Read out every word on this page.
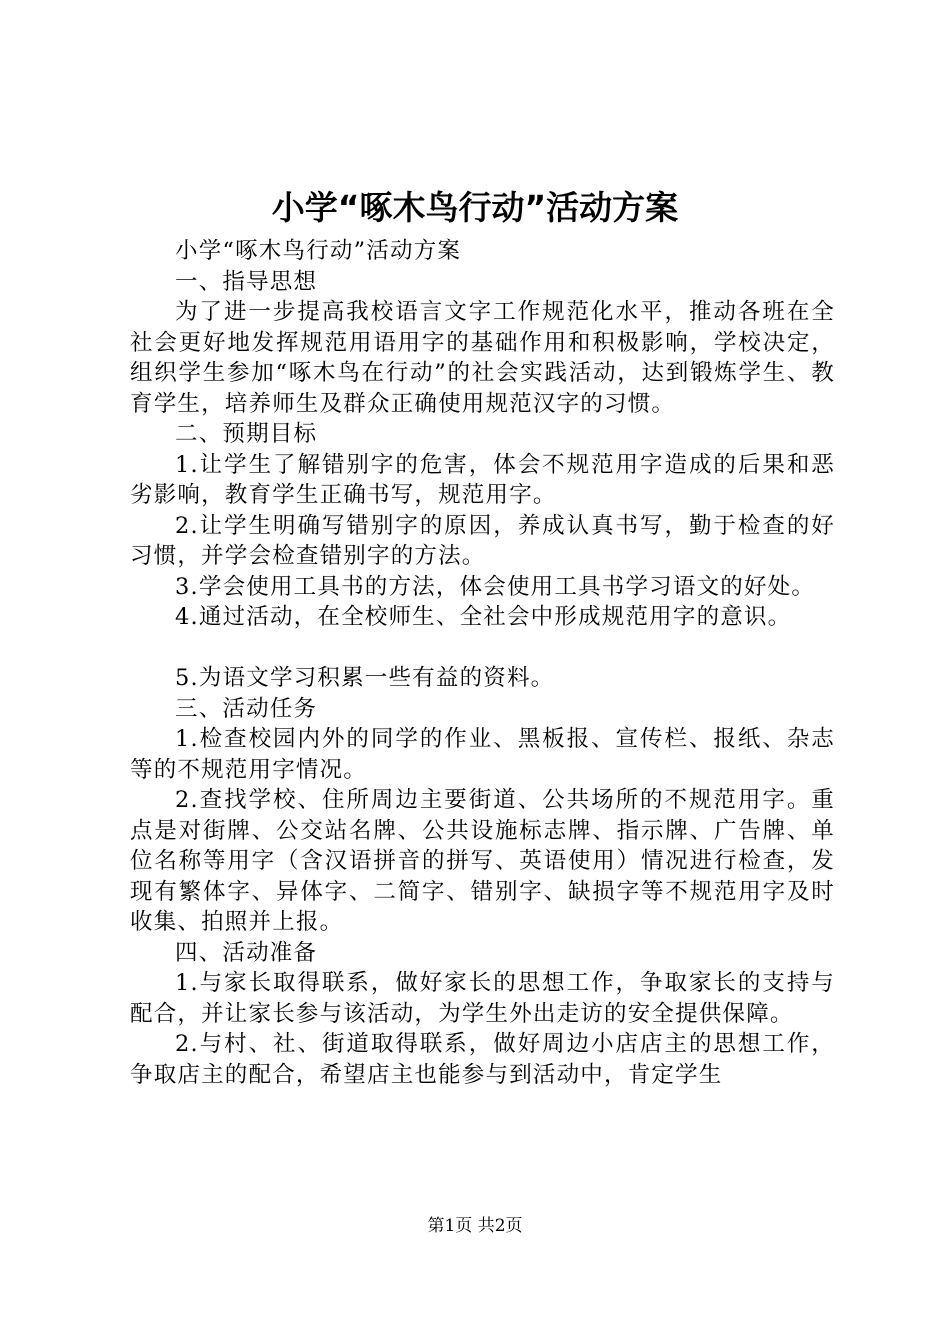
小学“啄木鸟行动”活动方案

小学“啄木鸟行动”活动方案

一、指导思想

为了进一步提高我校语言文字工作规范化水平，推动各班在全社会更好地发挥规范用语用字的基础作用和积极影响，学校决定，组织学生参加“啄木鸟在行动”的社会实践活动，达到锻炼学生、教育学生，培养师生及群众正确使用规范汉字的习惯。

二、预期目标

1.让学生了解错别字的危害，体会不规范用字造成的后果和恶劣影响，教育学生正确书写，规范用字。

2.让学生明确写错别字的原因，养成认真书写，勤于检查的好习惯，并学会检查错别字的方法。

3.学会使用工具书的方法，体会使用工具书学习语文的好处。

4.通过活动，在全校师生、全社会中形成规范用字的意识。

5.为语文学习积累一些有益的资料。

三、活动任务

1.检查校园内外的同学的作业、黑板报、宣传栏、报纸、杂志等的不规范用字情况。

2.查找学校、住所周边主要街道、公共场所的不规范用字。重点是对街牌、公交站名牌、公共设施标志牌、指示牌、广告牌、单位名称等用字（含汉语拼音的拼写、英语使用）情况进行检查，发现有繁体字、异体字、二简字、错别字、缺损字等不规范用字及时收集、拍照并上报。

四、活动准备

1.与家长取得联系，做好家长的思想工作，争取家长的支持与配合，并让家长参与该活动，为学生外出走访的安全提供保障。

2.与村、社、街道取得联系，做好周边小店店主的思想工作，争取店主的配合，希望店主也能参与到活动中，肯定学生

第1页 共2页
